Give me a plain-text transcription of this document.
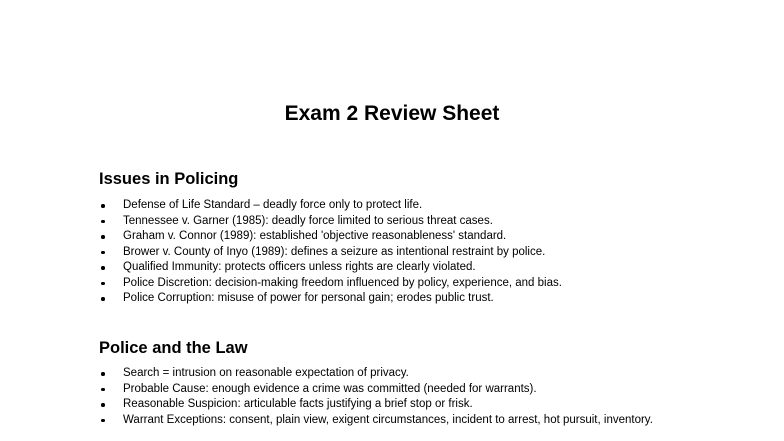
Exam 2 Review Sheet
Issues in Policing
Defense of Life Standard – deadly force only to protect life.
Tennessee v. Garner (1985): deadly force limited to serious threat cases.
Graham v. Connor (1989): established 'objective reasonableness' standard.
Brower v. County of Inyo (1989): defines a seizure as intentional restraint by police.
Qualified Immunity: protects officers unless rights are clearly violated.
Police Discretion: decision-making freedom influenced by policy, experience, and bias.
Police Corruption: misuse of power for personal gain; erodes public trust.
Police and the Law
Search = intrusion on reasonable expectation of privacy.
Probable Cause: enough evidence a crime was committed (needed for warrants).
Reasonable Suspicion: articulable facts justifying a brief stop or frisk.
Warrant Exceptions: consent, plain view, exigent circumstances, incident to arrest, hot pursuit, inventory.
